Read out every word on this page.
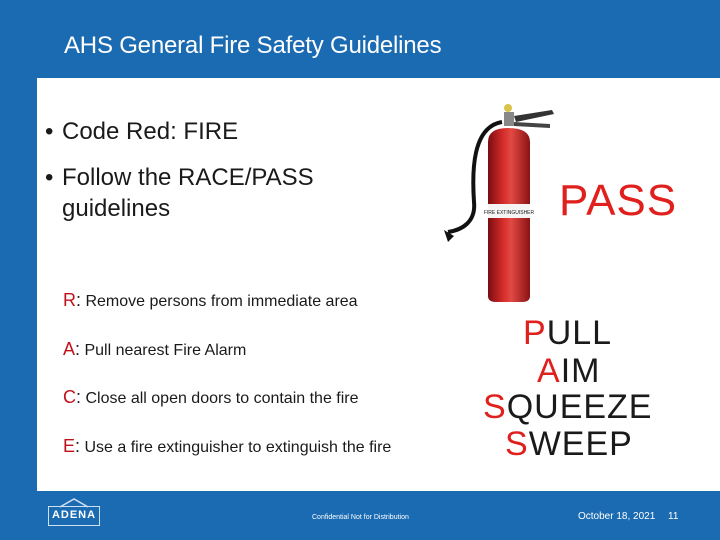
AHS General Fire Safety Guidelines
• Code Red: FIRE
• Follow the RACE/PASS
guidelines
R: Remove persons from immediate area
A: Pull nearest Fire Alarm
C: Close all open doors to contain the fire
E: Use a fire extinguisher to extinguish the fire
FIRE EXTINGUISHER PASS
PULL
AIM
SQUEEZE
SWEEP
ADENA	Confidential Not for Distribution	October 18, 2021 11
